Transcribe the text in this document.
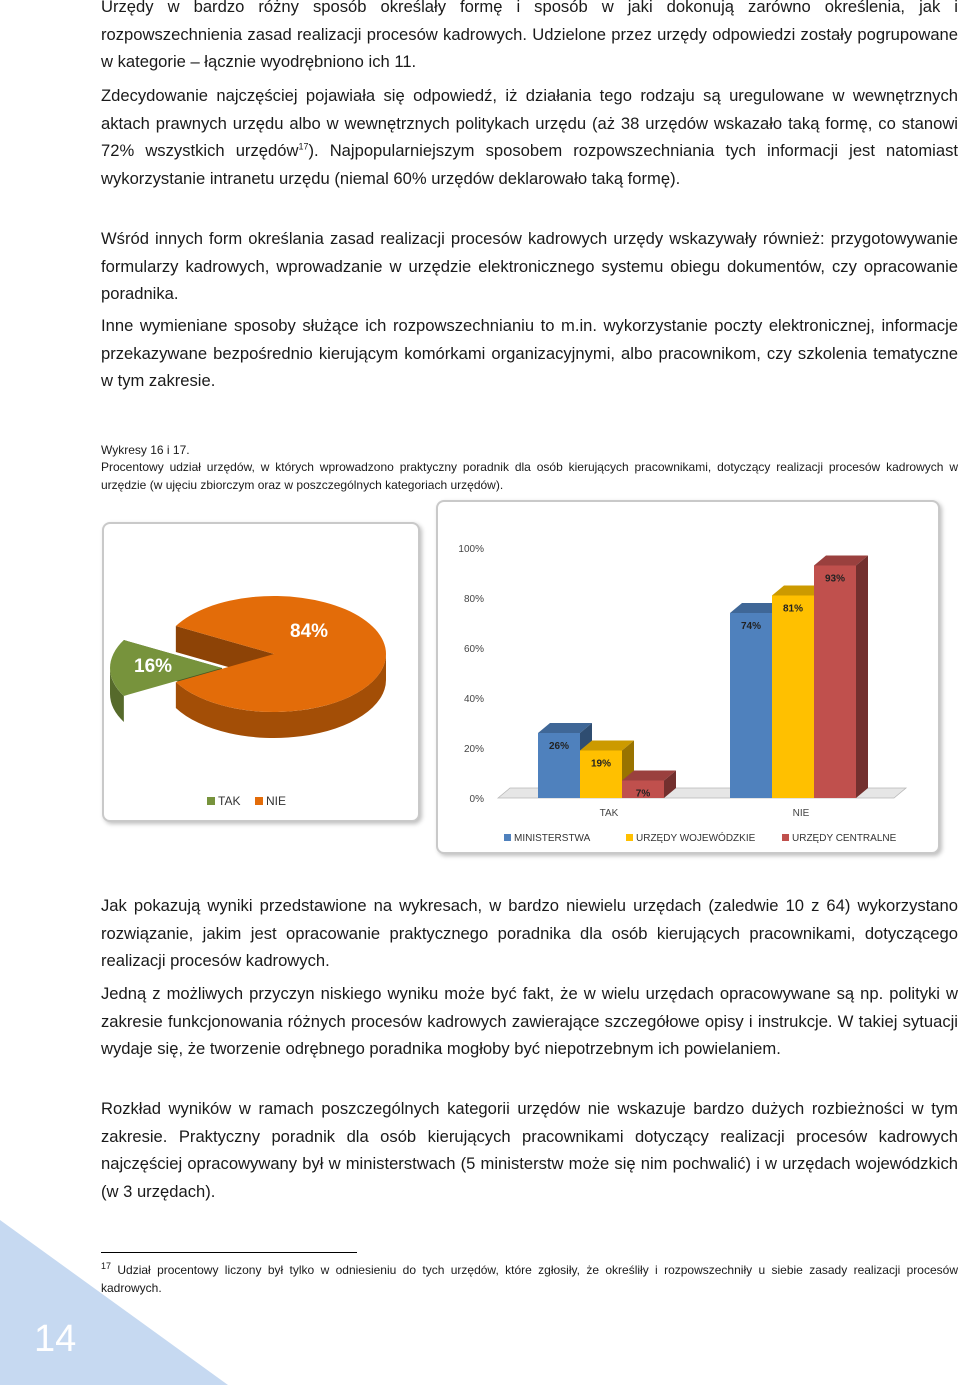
14

Urzędy w bardzo różny sposób określały formę i sposób w jaki dokonują zarówno określenia, jak i rozpowszechnienia zasad realizacji procesów kadrowych. Udzielone przez urzędy odpowiedzi zostały pogrupowane w kategorie – łącznie wyodrębniono ich 11.

Zdecydowanie najczęściej pojawiała się odpowiedź, iż działania tego rodzaju są uregulowane w wewnętrznych aktach prawnych urzędu albo w wewnętrznych politykach urzędu (aż 38 urzędów wskazało taką formę, co stanowi 72% wszystkich urzędów$^{17}$). Najpopularniejszym sposobem rozpowszechniania tych informacji jest natomiast wykorzystanie intranetu urzędu (niemal 60% urzędów deklarowało taką formę).

Wśród innych form określania zasad realizacji procesów kadrowych urzędy wskazywały również: przygotowywanie formularzy kadrowych, wprowadzanie w urzędzie elektronicznego systemu obiegu dokumentów, czy opracowanie poradnika.

Inne wymieniane sposoby służące ich rozpowszechnianiu to m.in. wykorzystanie poczty elektronicznej, informacje przekazywane bezpośrednio kierującym komórkami organizacyjnymi, albo pracownikom, czy szkolenia tematyczne w tym zakresie.

Wykresy 16 i 17.
Procentowy udział urzędów, w których wprowadzono praktyczny poradnik dla osób kierujących pracownikami, dotyczący realizacji procesów kadrowych w urzędzie (w ujęciu zbiorczym oraz w poszczególnych kategoriach urzędów).
16%
84%
TAK NIE	0%
20%
40%
60%
80%
100%
TAK	NIE
26%
19%
7%
74%
81%
93%
MINISTERSTWA	URZĘDY WOJEWÓDZKIE	URZĘDY CENTRALNE

Jak pokazują wyniki przedstawione na wykresach, w bardzo niewielu urzędach (zaledwie 10 z 64) wykorzystano rozwiązanie, jakim jest opracowanie praktycznego poradnika dla osób kierujących pracownikami, dotyczącego realizacji procesów kadrowych.

Jedną z możliwych przyczyn niskiego wyniku może być fakt, że w wielu urzędach opracowywane są np. polityki w zakresie funkcjonowania różnych procesów kadrowych zawierające szczegółowe opisy i instrukcje. W takiej sytuacji wydaje się, że tworzenie odrębnego poradnika mogłoby być niepotrzebnym ich powielaniem.

Rozkład wyników w ramach poszczególnych kategorii urzędów nie wskazuje bardzo dużych rozbieżności w tym zakresie. Praktyczny poradnik dla osób kierujących pracownikami dotyczący realizacji procesów kadrowych najczęściej opracowywany był w ministerstwach (5 ministerstw może się nim pochwalić) i w urzędach wojewódzkich (w 3 urzędach).

$^{17}$ Udział procentowy liczony był tylko w odniesieniu do tych urzędów, które zgłosiły, że określiły i rozpowszechniły u siebie zasady realizacji procesów kadrowych.
